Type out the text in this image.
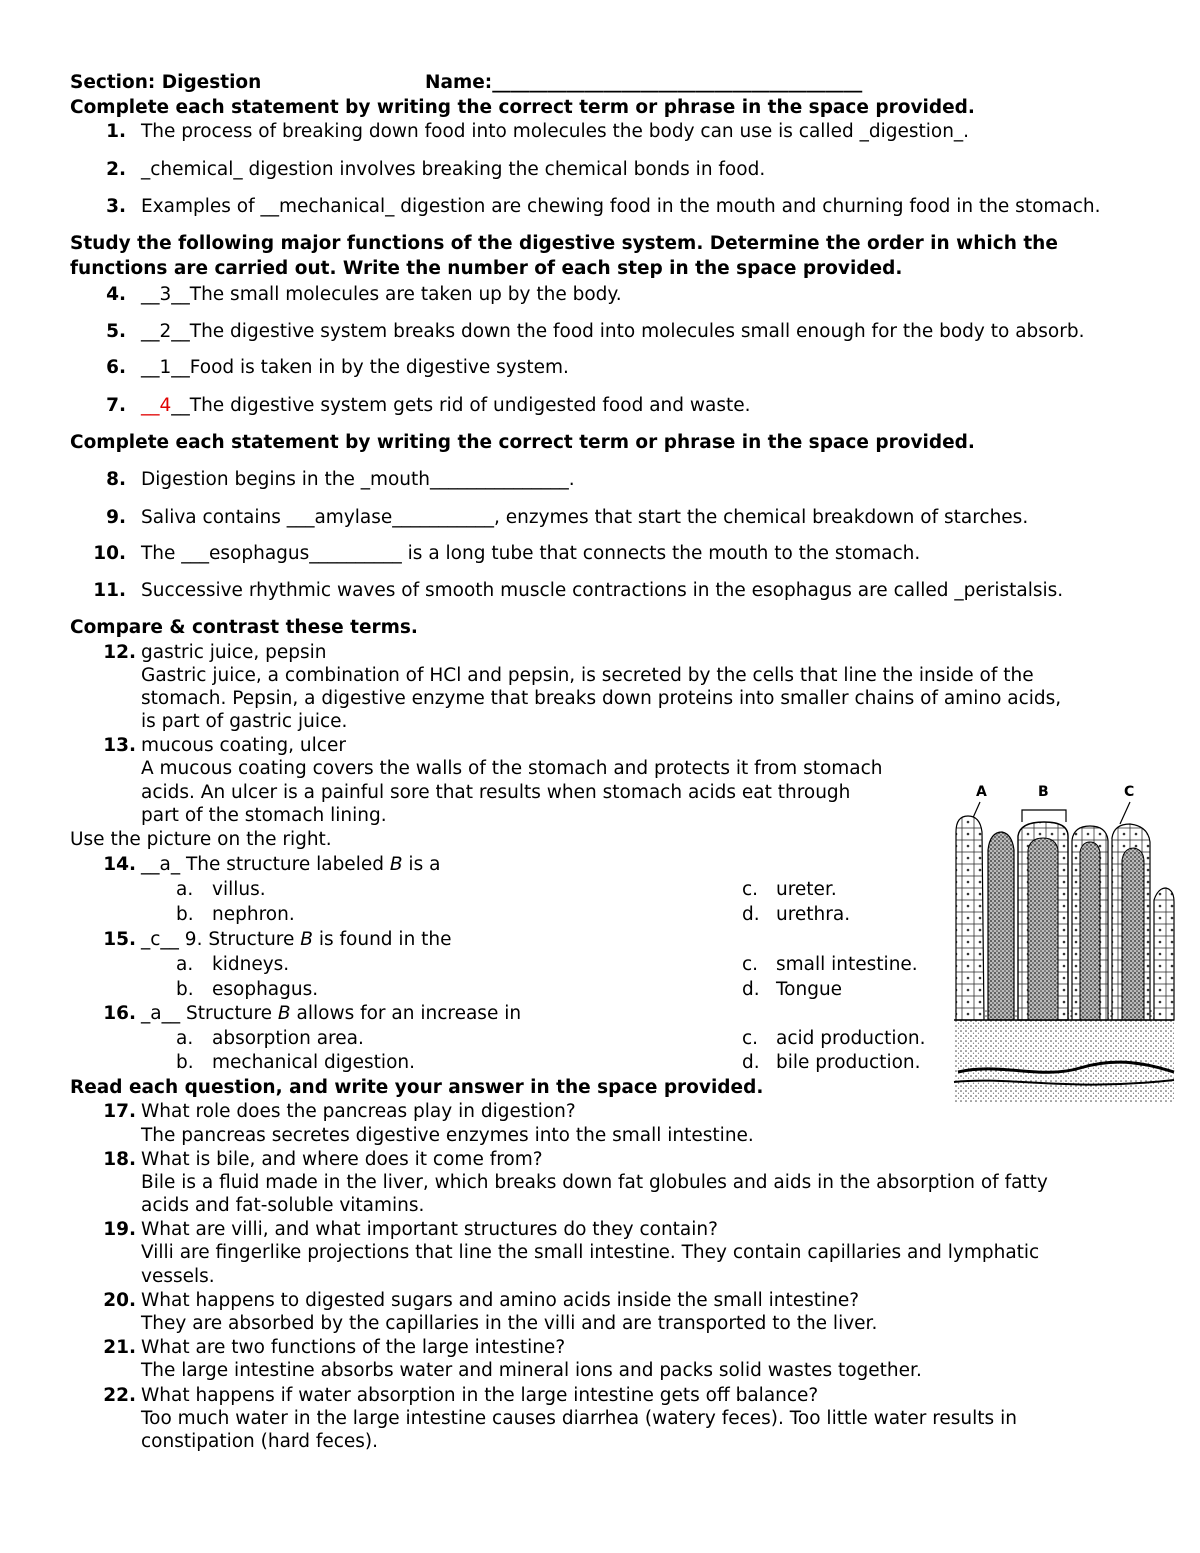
Section: Digestion	Name:________________________________________
Complete each statement by writing the correct term or phrase in the space provided.
1. The process of breaking down food into molecules the body can use is called _digestion_.
2. _chemical_ digestion involves breaking the chemical bonds in food.
3. Examples of __mechanical_ digestion are chewing food in the mouth and churning food in the stomach.
Study the following major functions of the digestive system. Determine the order in which the
functions are carried out. Write the number of each step in the space provided.
4. __3__The small molecules are taken up by the body.
5. __2__The digestive system breaks down the food into molecules small enough for the body to absorb.
6. __1__Food is taken in by the digestive system.
7. __4__The digestive system gets rid of undigested food and waste.
Complete each statement by writing the correct term or phrase in the space provided.
8. Digestion begins in the _mouth_______________.
9. Saliva contains ___amylase___________, enzymes that start the chemical breakdown of starches.
10. The ___esophagus__________ is a long tube that connects the mouth to the stomach.
11. Successive rhythmic waves of smooth muscle contractions in the esophagus are called _peristalsis.
Compare & contrast these terms.
12. gastric juice, pepsin
Gastric juice, a combination of HCl and pepsin, is secreted by the cells that line the inside of the
stomach. Pepsin, a digestive enzyme that breaks down proteins into smaller chains of amino acids,
is part of gastric juice.
13. mucous coating, ulcer
A mucous coating covers the walls of the stomach and protects it from stomach
acids. An ulcer is a painful sore that results when stomach acids eat through
part of the stomach lining.
Use the picture on the right.
14. __a_ The structure labeled B is a
a. villus.	c. ureter.
b. nephron.	d. urethra.
15. _c__ 9. Structure B is found in the
a. kidneys.	c. small intestine.
b. esophagus.	d. Tongue
16. _a__ Structure B allows for an increase in
a. absorption area.	c. acid production.
b. mechanical digestion.	d. bile production.
Read each question, and write your answer in the space provided.
17. What role does the pancreas play in digestion?
The pancreas secretes digestive enzymes into the small intestine.
18. What is bile, and where does it come from?
Bile is a fluid made in the liver, which breaks down fat globules and aids in the absorption of fatty
acids and fat-soluble vitamins.
19. What are villi, and what important structures do they contain?
Villi are fingerlike projections that line the small intestine. They contain capillaries and lymphatic
vessels.
20. What happens to digested sugars and amino acids inside the small intestine?
They are absorbed by the capillaries in the villi and are transported to the liver.
21. What are two functions of the large intestine?
The large intestine absorbs water and mineral ions and packs solid wastes together.
22. What happens if water absorption in the large intestine gets off balance?
Too much water in the large intestine causes diarrhea (watery feces). Too little water results in
constipation (hard feces).
A	B	C
